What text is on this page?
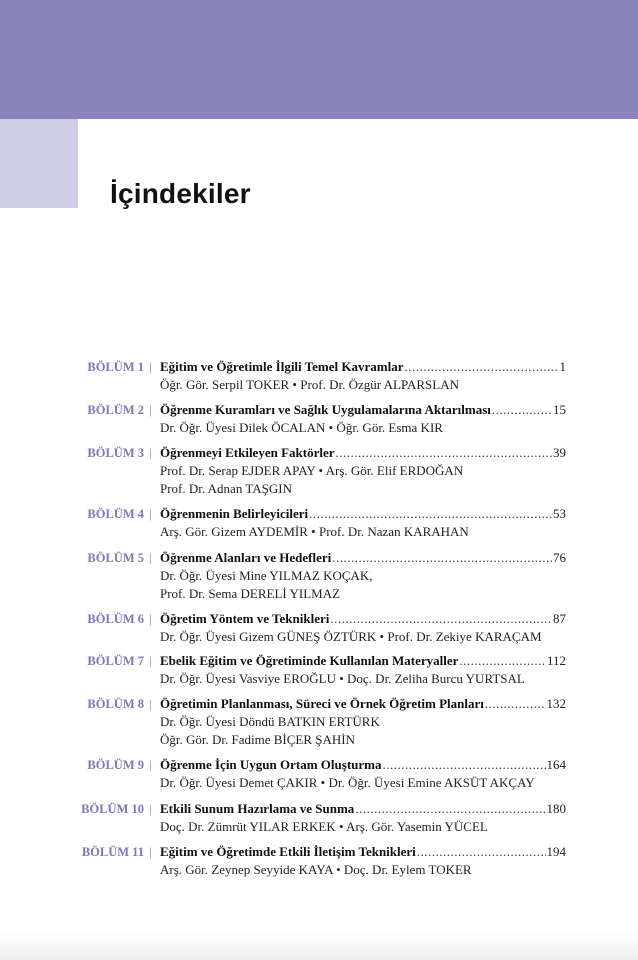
İçindekiler
BÖLÜM 1 | Eğitim ve Öğretimle İlgili Temel Kavramlar .....	1
Öğr. Gör. Serpil TOKER • Prof. Dr. Özgür ALPARSLAN
BÖLÜM 2 | Öğrenme Kuramları ve Sağlık Uygulamalarına Aktarılması .....	15
Dr. Öğr. Üyesi Dilek ÖCALAN • Öğr. Gör. Esma KIR
BÖLÜM 3 | Öğrenmeyi Etkileyen Faktörler .....	39
Prof. Dr. Serap EJDER APAY • Arş. Gör. Elif ERDOĞAN
Prof. Dr. Adnan TAŞGIN
BÖLÜM 4 | Öğrenmenin Belirleyicileri .....	53
Arş. Gör. Gizem AYDEMİR • Prof. Dr. Nazan KARAHAN
BÖLÜM 5 | Öğrenme Alanları ve Hedefleri .....	76
Dr. Öğr. Üyesi Mine YILMAZ KOÇAK,
Prof. Dr. Sema DERELİ YILMAZ
BÖLÜM 6 | Öğretim Yöntem ve Teknikleri .....	87
Dr. Öğr. Üyesi Gizem GÜNEŞ ÖZTÜRK • Prof. Dr. Zekiye KARAÇAM
BÖLÜM 7 | Ebelik Eğitim ve Öğretiminde Kullanılan Materyaller .....	112
Dr. Öğr. Üyesi Vasviye EROĞLU • Doç. Dr. Zeliha Burcu YURTSAL
BÖLÜM 8 | Öğretimin Planlanması, Süreci ve Örnek Öğretim Planları .....	132
Dr. Öğr. Üyesi Döndü BATKIN ERTÜRK
Öğr. Gör. Dr. Fadime BİÇER ŞAHİN
BÖLÜM 9 | Öğrenme İçin Uygun Ortam Oluşturma .....	164
Dr. Öğr. Üyesi Demet ÇAKIR • Dr. Öğr. Üyesi Emine AKSÜT AKÇAY
BÖLÜM 10 | Etkili Sunum Hazırlama ve Sunma .....	180
Doç. Dr. Zümrüt YILAR ERKEK • Arş. Gör. Yasemin YÜCEL
BÖLÜM 11 | Eğitim ve Öğretimde Etkili İletişim Teknikleri .....	194
Arş. Gör. Zeynep Seyyide KAYA • Doç. Dr. Eylem TOKER
